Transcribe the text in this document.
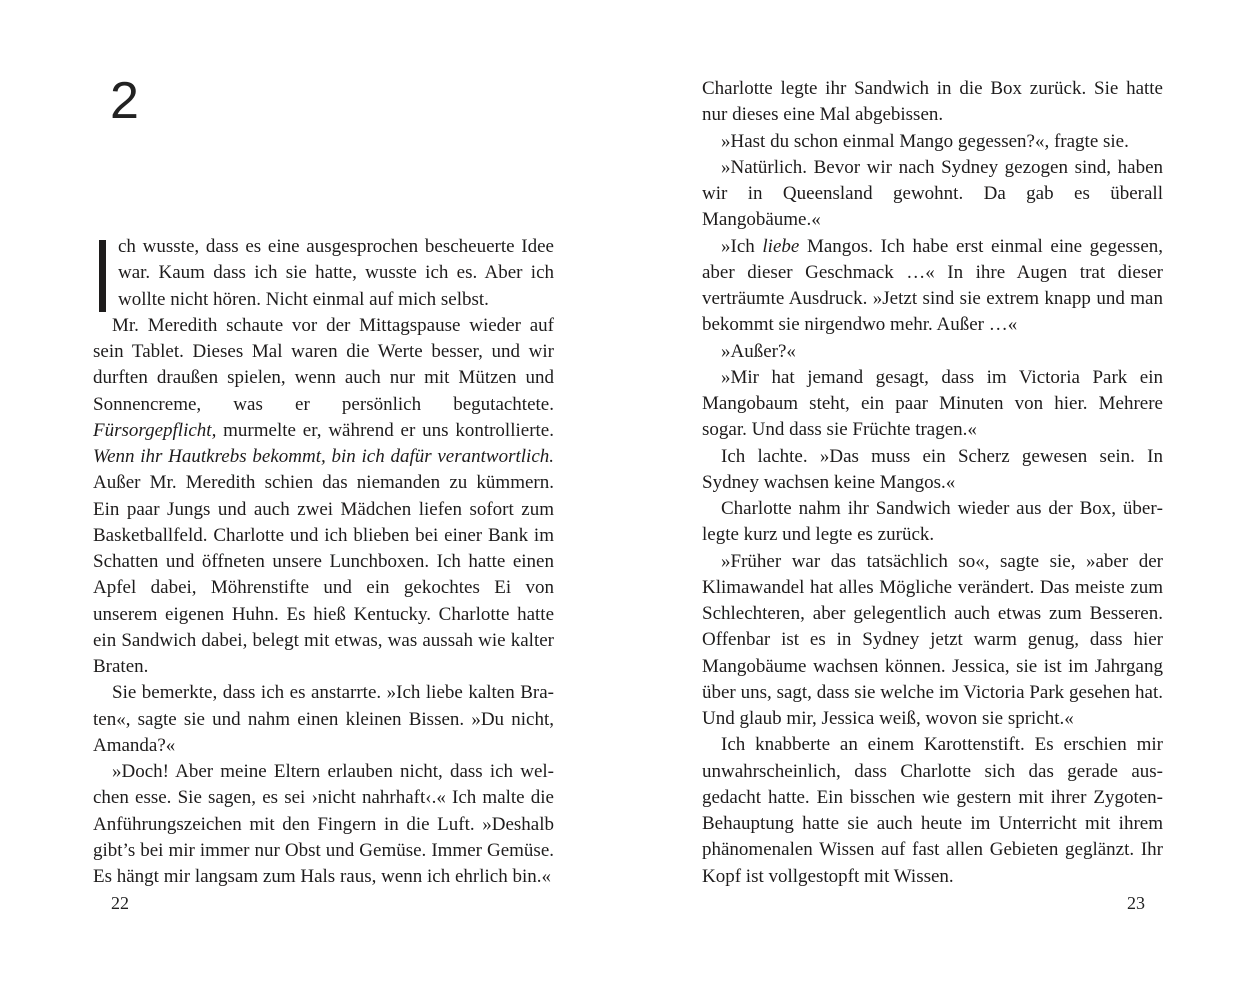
2

ch wusste, dass es eine ausgesprochen bescheuerte Idee war. Kaum dass ich sie hatte, wusste ich es. Aber ich wollte nicht hören. Nicht einmal auf mich selbst.

Mr. Meredith schaute vor der Mittagspause wieder auf sein Tablet. Dieses Mal waren die Werte besser, und wir durften draußen spielen, wenn auch nur mit Mützen und Sonnencreme, was er persönlich begutachtete. Fürsorgepflicht, murmelte er, während er uns kontrollierte. Wenn ihr Hautkrebs bekommt, bin ich dafür verantwortlich. Außer Mr. Meredith schien das niemanden zu kümmern. Ein paar Jungs und auch zwei Mädchen liefen sofort zum Basketballfeld. Charlotte und ich blieben bei einer Bank im Schatten und öffneten unsere Lunchboxen. Ich hatte einen Apfel dabei, Möhrenstifte und ein gekochtes Ei von unserem eigenen Huhn. Es hieß Kentucky. Charlotte hatte ein Sandwich dabei, belegt mit etwas, was aussah wie kalter Braten.

Sie bemerkte, dass ich es anstarrte. »Ich liebe kalten Braten«, sagte sie und nahm einen kleinen Bissen. »Du nicht, Amanda?«

»Doch! Aber meine Eltern erlauben nicht, dass ich welchen esse. Sie sagen, es sei ›nicht nahrhaft‹.« Ich malte die Anführungszeichen mit den Fingern in die Luft. »Deshalb gibt’s bei mir immer nur Obst und Gemüse. Immer Gemüse. Es hängt mir langsam zum Hals raus, wenn ich ehrlich bin.«

22

Charlotte legte ihr Sandwich in die Box zurück. Sie hatte nur dieses eine Mal abgebissen.

»Hast du schon einmal Mango gegessen?«, fragte sie.

»Natürlich. Bevor wir nach Sydney gezogen sind, haben wir in Queensland gewohnt. Da gab es überall Mangobäume.«

»Ich liebe Mangos. Ich habe erst einmal eine gegessen, aber dieser Geschmack …« In ihre Augen trat dieser verträumte Ausdruck. »Jetzt sind sie extrem knapp und man bekommt sie nirgendwo mehr. Außer …«

»Außer?«

»Mir hat jemand gesagt, dass im Victoria Park ein Mangobaum steht, ein paar Minuten von hier. Mehrere sogar. Und dass sie Früchte tragen.«

Ich lachte. »Das muss ein Scherz gewesen sein. In Sydney wachsen keine Mangos.«

Charlotte nahm ihr Sandwich wieder aus der Box, überlegte kurz und legte es zurück.

»Früher war das tatsächlich so«, sagte sie, »aber der Klimawandel hat alles Mögliche verändert. Das meiste zum Schlechteren, aber gelegentlich auch etwas zum Besseren. Offenbar ist es in Sydney jetzt warm genug, dass hier Mangobäume wachsen können. Jessica, sie ist im Jahrgang über uns, sagt, dass sie welche im Victoria Park gesehen hat. Und glaub mir, Jessica weiß, wovon sie spricht.«

Ich knabberte an einem Karottenstift. Es erschien mir unwahrscheinlich, dass Charlotte sich das gerade ausgedacht hatte. Ein bisschen wie gestern mit ihrer Zygoten-Behauptung hatte sie auch heute im Unterricht mit ihrem phänomenalen Wissen auf fast allen Gebieten geglänzt. Ihr Kopf ist vollgestopft mit Wissen.

23
